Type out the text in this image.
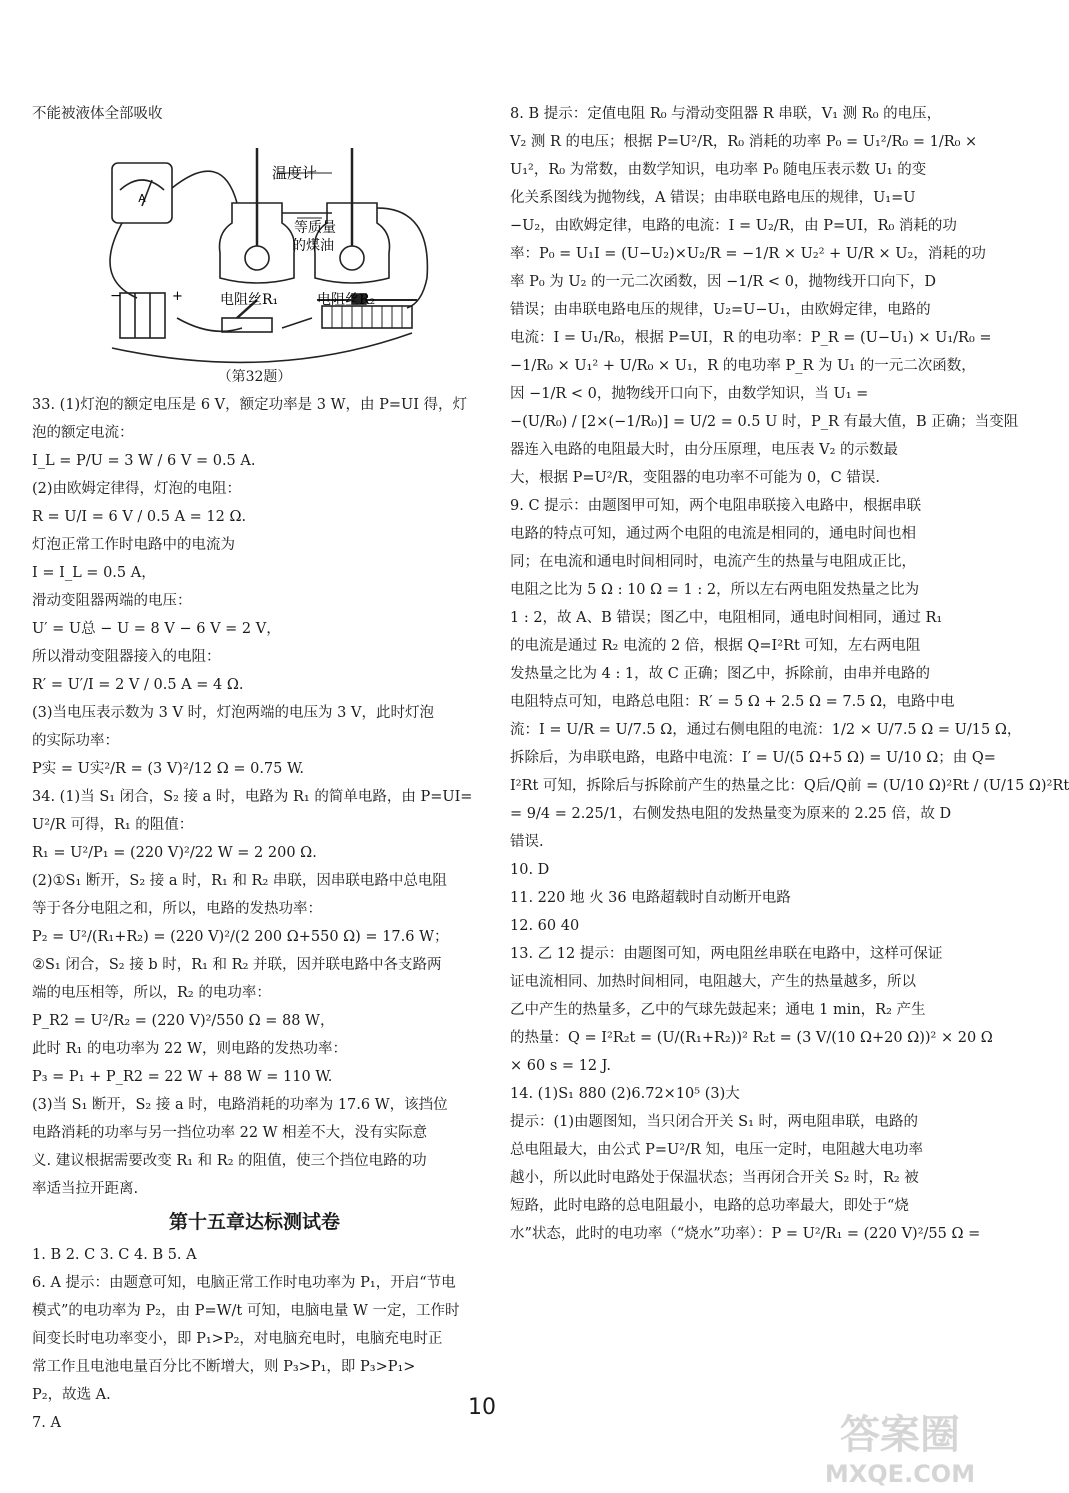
不能被液体全部吸收
A
温度计
等质量
的煤油
电阻丝R₁	电阻丝R₂
−	+
（第32题）
33. (1)灯泡的额定电压是 6 V，额定功率是 3 W，由 P=UI 得，灯
泡的额定电流：
I_L = P/U = 3 W / 6 V = 0.5 A.
(2)由欧姆定律得，灯泡的电阻：
R = U/I = 6 V / 0.5 A = 12 Ω.
灯泡正常工作时电路中的电流为
I = I_L = 0.5 A，
滑动变阻器两端的电压：
U′ = U总 − U = 8 V − 6 V = 2 V，
所以滑动变阻器接入的电阻：
R′ = U′/I = 2 V / 0.5 A = 4 Ω.
(3)当电压表示数为 3 V 时，灯泡两端的电压为 3 V，此时灯泡
的实际功率：
P实 = U实²/R = (3 V)²/12 Ω = 0.75 W.
34. (1)当 S₁ 闭合，S₂ 接 a 时，电路为 R₁ 的简单电路，由 P=UI=
U²/R 可得，R₁ 的阻值：
R₁ = U²/P₁ = (220 V)²/22 W = 2 200 Ω.
(2)①S₁ 断开，S₂ 接 a 时，R₁ 和 R₂ 串联，因串联电路中总电阻
等于各分电阻之和，所以，电路的发热功率：
P₂ = U²/(R₁+R₂) = (220 V)²/(2 200 Ω+550 Ω) = 17.6 W；
②S₁ 闭合，S₂ 接 b 时，R₁ 和 R₂ 并联，因并联电路中各支路两
端的电压相等，所以，R₂ 的电功率：
P_R2 = U²/R₂ = (220 V)²/550 Ω = 88 W，
此时 R₁ 的电功率为 22 W，则电路的发热功率：
P₃ = P₁ + P_R2 = 22 W + 88 W = 110 W.
(3)当 S₁ 断开，S₂ 接 a 时，电路消耗的功率为 17.6 W，该挡位
电路消耗的功率与另一挡位功率 22 W 相差不大，没有实际意
义. 建议根据需要改变 R₁ 和 R₂ 的阻值，使三个挡位电路的功
率适当拉开距离.
第十五章达标测试卷
1. B 2. C 3. C 4. B 5. A
6. A 提示：由题意可知，电脑正常工作时电功率为 P₁，开启“节电
模式”的电功率为 P₂，由 P=W/t 可知，电脑电量 W 一定，工作时
间变长时电功率变小，即 P₁>P₂，对电脑充电时，电脑充电时正
常工作且电池电量百分比不断增大，则 P₃>P₁，即 P₃>P₁>
P₂，故选 A.
7. A
8. B 提示：定值电阻 R₀ 与滑动变阻器 R 串联，V₁ 测 R₀ 的电压，
V₂ 测 R 的电压；根据 P=U²/R，R₀ 消耗的功率 P₀ = U₁²/R₀ = 1/R₀ ×
U₁²，R₀ 为常数，由数学知识，电功率 P₀ 随电压表示数 U₁ 的变
化关系图线为抛物线，A 错误；由串联电路电压的规律，U₁=U
−U₂，由欧姆定律，电路的电流：I = U₂/R，由 P=UI，R₀ 消耗的功
率：P₀ = U₁I = (U−U₂)×U₂/R = −1/R × U₂² + U/R × U₂，消耗的功
率 P₀ 为 U₂ 的一元二次函数，因 −1/R < 0，抛物线开口向下，D
错误；由串联电路电压的规律，U₂=U−U₁，由欧姆定律，电路的
电流：I = U₁/R₀，根据 P=UI，R 的电功率：P_R = (U−U₁) × U₁/R₀ =
−1/R₀ × U₁² + U/R₀ × U₁，R 的电功率 P_R 为 U₁ 的一元二次函数，
因 −1/R < 0，抛物线开口向下，由数学知识，当 U₁ =
−(U/R₀) / [2×(−1/R₀)] = U/2 = 0.5 U 时，P_R 有最大值，B 正确；当变阻
器连入电路的电阻最大时，由分压原理，电压表 V₂ 的示数最
大，根据 P=U²/R，变阻器的电功率不可能为 0，C 错误.
9. C 提示：由题图甲可知，两个电阻串联接入电路中，根据串联
电路的特点可知，通过两个电阻的电流是相同的，通电时间也相
同；在电流和通电时间相同时，电流产生的热量与电阻成正比，
电阻之比为 5 Ω : 10 Ω = 1 : 2，所以左右两电阻发热量之比为
1 : 2，故 A、B 错误；图乙中，电阻相同，通电时间相同，通过 R₁
的电流是通过 R₂ 电流的 2 倍，根据 Q=I²Rt 可知，左右两电阻
发热量之比为 4 : 1，故 C 正确；图乙中，拆除前，由串并电路的
电阻特点可知，电路总电阻：R′ = 5 Ω + 2.5 Ω = 7.5 Ω，电路中电
流：I = U/R = U/7.5 Ω，通过右侧电阻的电流：1/2 × U/7.5 Ω = U/15 Ω，
拆除后，为串联电路，电路中电流：I′ = U/(5 Ω+5 Ω) = U/10 Ω；由 Q=
I²Rt 可知，拆除后与拆除前产生的热量之比：Q后/Q前 = (U/10 Ω)²Rt / (U/15 Ω)²Rt
= 9/4 = 2.25/1，右侧发热电阻的发热量变为原来的 2.25 倍，故 D
错误.
10. D
11. 220 地 火 36 电路超载时自动断开电路
12. 60 40
13. 乙 12 提示：由题图可知，两电阻丝串联在电路中，这样可保证
证电流相同、加热时间相同，电阻越大，产生的热量越多，所以
乙中产生的热量多，乙中的气球先鼓起来；通电 1 min，R₂ 产生
的热量：Q = I²R₂t = (U/(R₁+R₂))² R₂t = (3 V/(10 Ω+20 Ω))² × 20 Ω
× 60 s = 12 J.
14. (1)S₁ 880 (2)6.72×10⁵ (3)大
提示：(1)由题图知，当只闭合开关 S₁ 时，两电阻串联，电路的
总电阻最大，由公式 P=U²/R 知，电压一定时，电阻越大电功率
越小，所以此时电路处于保温状态；当再闭合开关 S₂ 时，R₂ 被
短路，此时电路的总电阻最小，电路的总功率最大，即处于“烧
水”状态，此时的电功率（“烧水”功率）：P = U²/R₁ = (220 V)²/55 Ω =
10
答案圈
MXQE.COM
